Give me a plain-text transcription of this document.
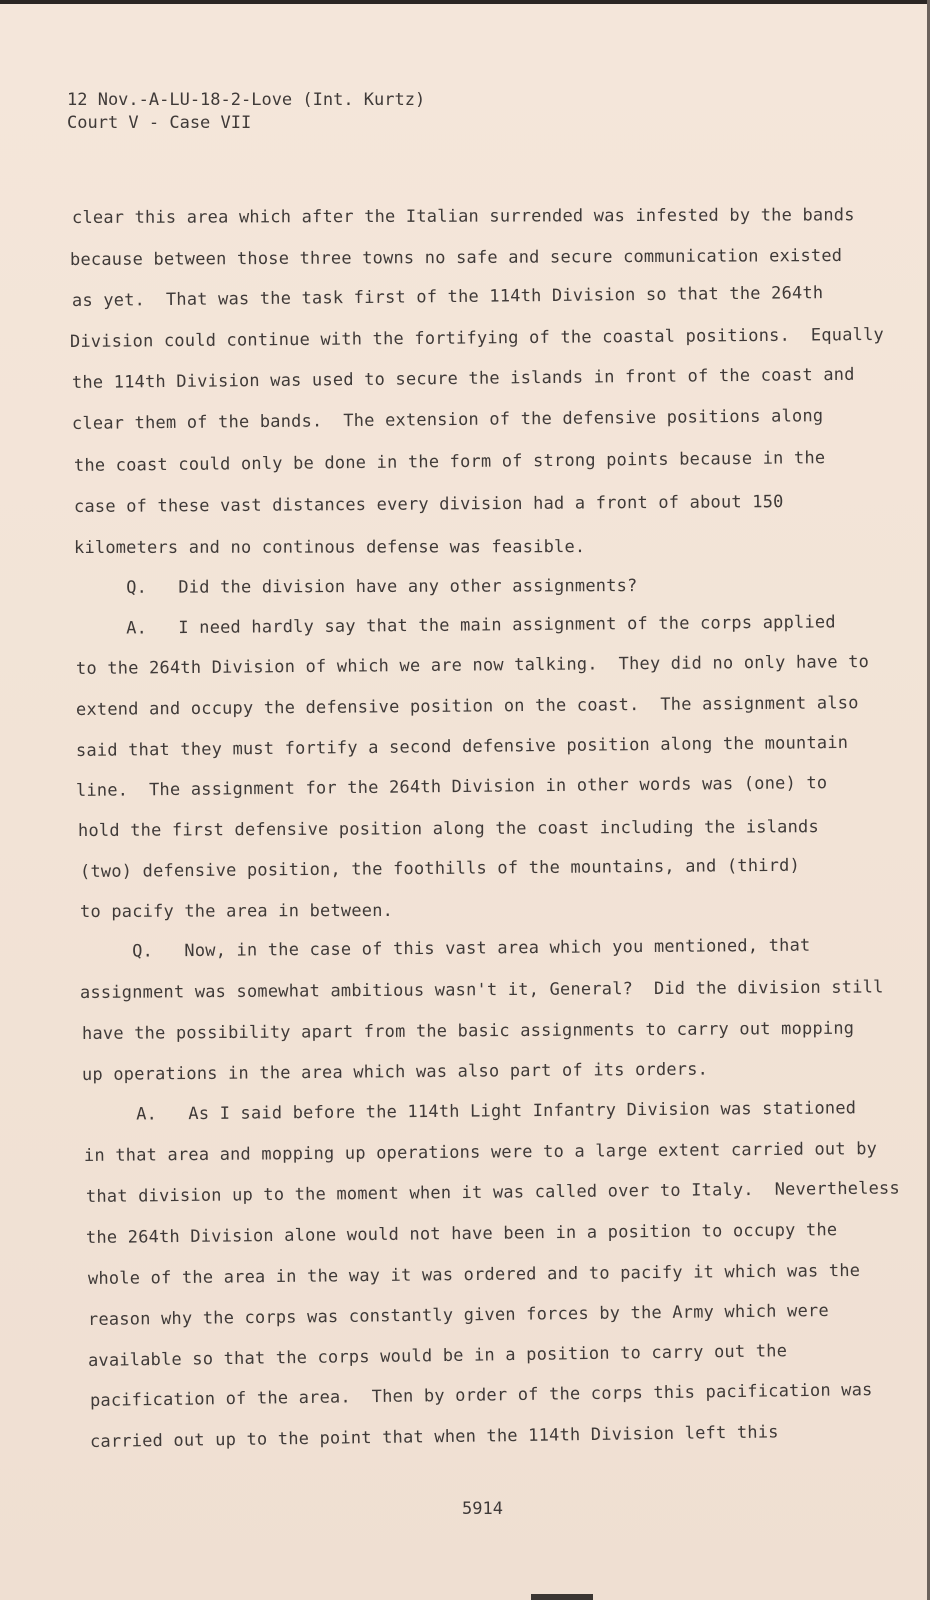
12 Nov.-A-LU-18-2-Love (Int. Kurtz)
Court V - Case VII
clear this area which after the Italian surrended was infested by the bands
because between those three towns no safe and secure communication existed
as yet.  That was the task first of the 114th Division so that the 264th
Division could continue with the fortifying of the coastal positions.  Equally
the 114th Division was used to secure the islands in front of the coast and
clear them of the bands.  The extension of the defensive positions along
the coast could only be done in the form of strong points because in the
case of these vast distances every division had a front of about 150
kilometers and no continous defense was feasible.
Q.   Did the division have any other assignments?
A.   I need hardly say that the main assignment of the corps applied
to the 264th Division of which we are now talking.  They did no only have to
extend and occupy the defensive position on the coast.  The assignment also
said that they must fortify a second defensive position along the mountain
line.  The assignment for the 264th Division in other words was (one) to
hold the first defensive position along the coast including the islands
(two) defensive position, the foothills of the mountains, and (third)
to pacify the area in between.
Q.   Now, in the case of this vast area which you mentioned, that
assignment was somewhat ambitious wasn't it, General?  Did the division still
have the possibility apart from the basic assignments to carry out mopping
up operations in the area which was also part of its orders.
A.   As I said before the 114th Light Infantry Division was stationed
in that area and mopping up operations were to a large extent carried out by
that division up to the moment when it was called over to Italy.  Nevertheless
the 264th Division alone would not have been in a position to occupy the
whole of the area in the way it was ordered and to pacify it which was the
reason why the corps was constantly given forces by the Army which were
available so that the corps would be in a position to carry out the
pacification of the area.  Then by order of the corps this pacification was
carried out up to the point that when the 114th Division left this
5914
